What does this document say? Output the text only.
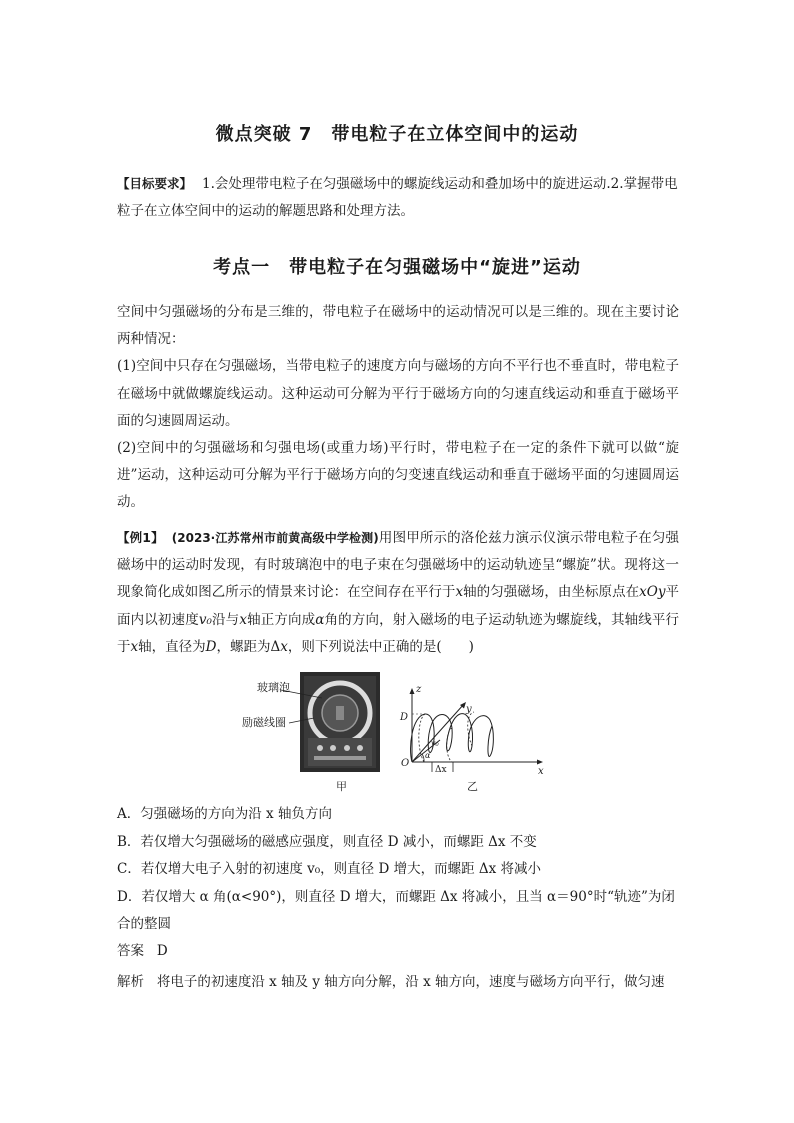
微点突破 7　带电粒子在立体空间中的运动
【目标要求】 1.会处理带电粒子在匀强磁场中的螺旋线运动和叠加场中的旋进运动.2.掌握带电粒子在立体空间中的运动的解题思路和处理方法。
考点一　带电粒子在匀强磁场中“旋进”运动
空间中匀强磁场的分布是三维的，带电粒子在磁场中的运动情况可以是三维的。现在主要讨论两种情况：
(1)空间中只存在匀强磁场，当带电粒子的速度方向与磁场的方向不平行也不垂直时，带电粒子在磁场中就做螺旋线运动。这种运动可分解为平行于磁场方向的匀速直线运动和垂直于磁场平面的匀速圆周运动。
(2)空间中的匀强磁场和匀强电场(或重力场)平行时，带电粒子在一定的条件下就可以做“旋进”运动，这种运动可分解为平行于磁场方向的匀变速直线运动和垂直于磁场平面的匀速圆周运动。
【例1】 (2023·江苏常州市前黄高级中学检测)用图甲所示的洛伦兹力演示仪演示带电粒子在匀强磁场中的运动时发现，有时玻璃泡中的电子束在匀强磁场中的运动轨迹呈“螺旋”状。现将这一现象简化成如图乙所示的情景来讨论：在空间存在平行于x轴的匀强磁场，由坐标原点在xOy平面内以初速度v₀沿与x轴正方向成α角的方向，射入磁场的电子运动轨迹为螺旋线，其轴线平行于x轴，直径为D，螺距为Δx，则下列说法中正确的是(　　)
玻璃泡
励磁线圈
甲
z
y
x
O
D
v₀
α
Δx
乙
A．匀强磁场的方向为沿 x 轴负方向
B．若仅增大匀强磁场的磁感应强度，则直径 D 减小，而螺距 Δx 不变
C．若仅增大电子入射的初速度 v₀，则直径 D 增大，而螺距 Δx 将减小
D．若仅增大 α 角(α<90°)，则直径 D 增大，而螺距 Δx 将减小，且当 α＝90°时“轨迹”为闭合的整圆
答案 D
解析 将电子的初速度沿 x 轴及 y 轴方向分解，沿 x 轴方向，速度与磁场方向平行，做匀速
